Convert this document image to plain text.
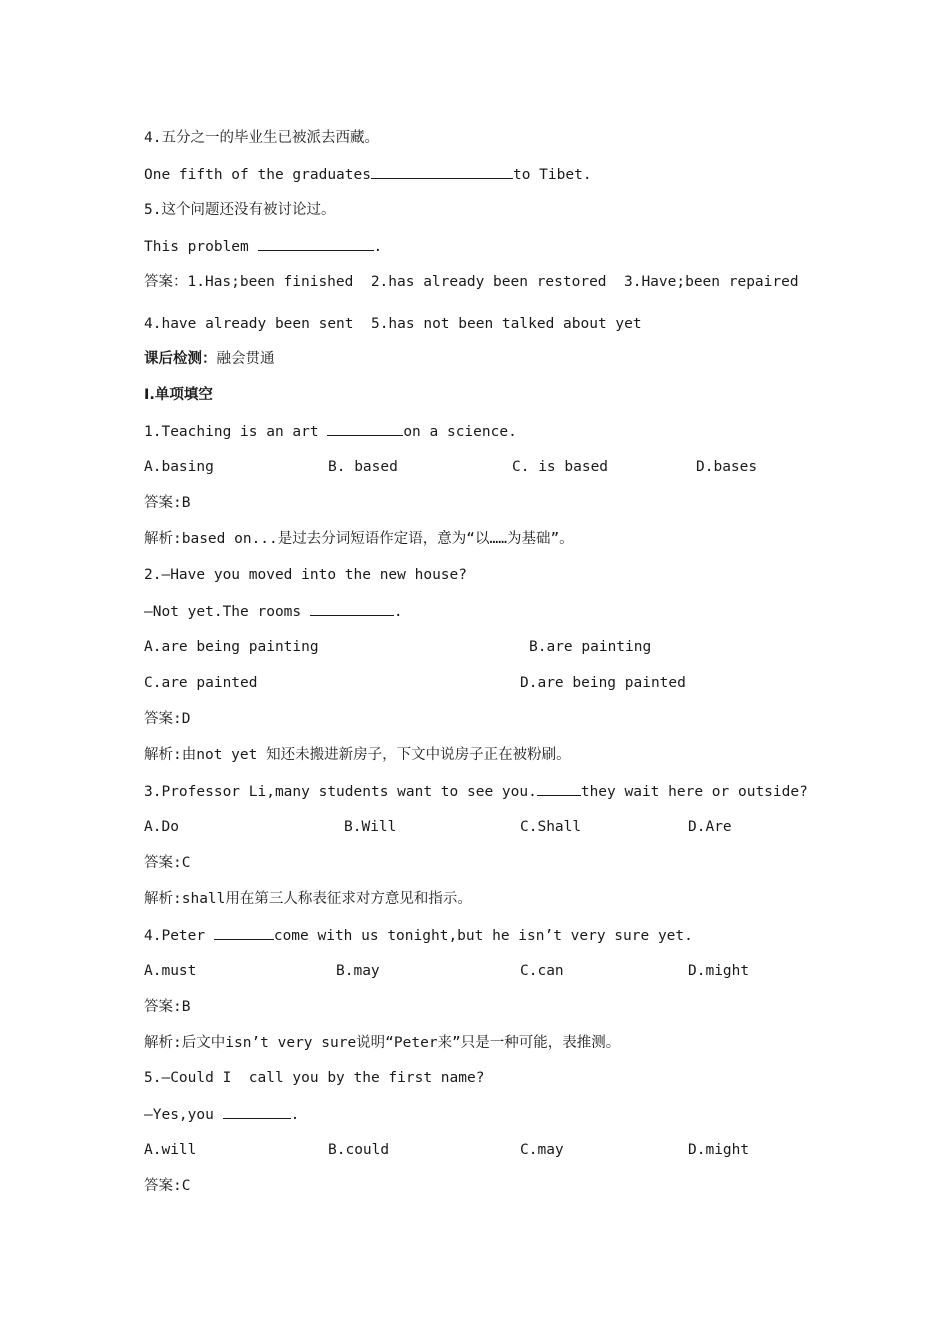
4.五分之一的毕业生已被派去西藏。
One fifth of the graduates	to Tibet.
5.这个问题还没有被讨论过。
This problem	.
答案：1.Has;been finished  2.has already been restored  3.Have;been repaired
4.have already been sent  5.has not been talked about yet
课后检测：融会贯通
Ⅰ.单项填空
1.Teaching is an art	on a science.
A.basing	B. based	C. is based	D.bases
答案:B
解析:based on...是过去分词短语作定语，意为“以……为基础”。
2.—Have you moved into the new house?
—Not yet.The rooms	.
A.are being painting	B.are painting
C.are painted	D.are being painted
答案:D
解析:由not yet 知还未搬进新房子，下文中说房子正在被粉刷。
3.Professor Li,many students want to see you.	they wait here or outside?
A.Do	B.Will	C.Shall	D.Are
答案:C
解析:shall用在第三人称表征求对方意见和指示。
4.Peter	come with us tonight,but he isn’t very sure yet.
A.must	B.may	C.can	D.might
答案:B
解析:后文中isn’t very sure说明“Peter来”只是一种可能，表推测。
5.—Could I  call you by the first name?
—Yes,you	.
A.will	B.could	C.may	D.might
答案:C
